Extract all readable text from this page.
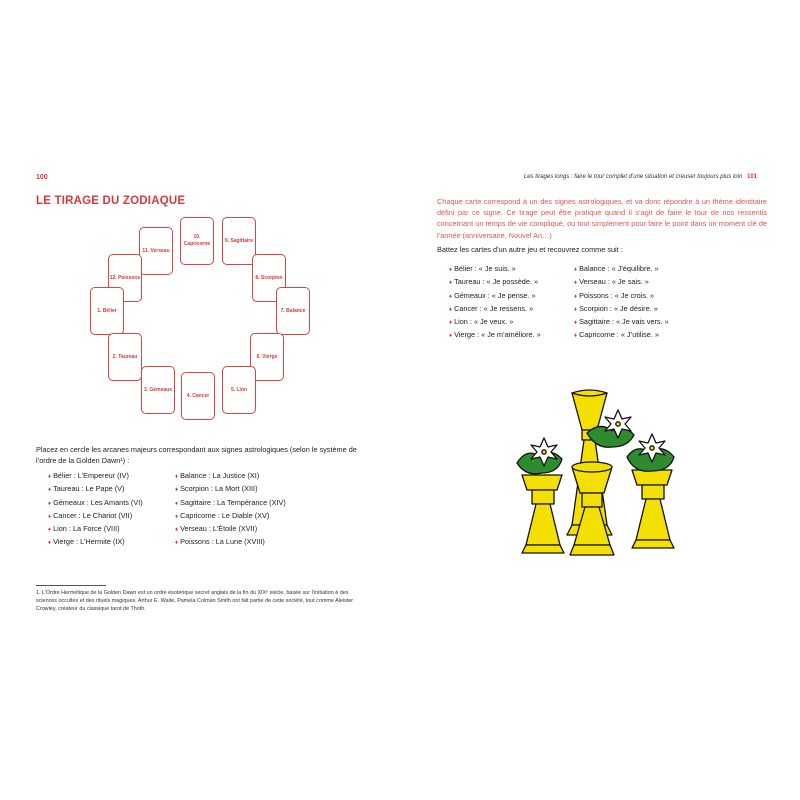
100
LE TIRAGE DU ZODIAQUE
10. Capricorne
11. Verseau
9. Sagittaire
12. Poissons	8. Scorpion
1. Bélier	7. Balance
2. Taureau	6. Vierge
3. Gémeaux	5. Lion
4. Cancer
Placez en cercle les arcanes majeurs correspondant aux signes astrologiques (selon le système de l’ordre de la Golden Dawn¹) :
♦ Bélier : L’Empereur (IV)
♦ Taureau : Le Pape (V)
♦ Gémeaux : Les Amants (VI)
♦ Cancer : Le Chariot (VII)
♦ Lion : La Force (VIII)
♦ Vierge : L’Hermite (IX)
♦ Balance : La Justice (XI)
♦ Scorpion : La Mort (XIII)
♦ Sagittaire : La Tempérance (XIV)
♦ Capricorne : Le Diable (XV)
♦ Verseau : L’Étoile (XVII)
♦ Poissons : La Lune (XVIII)
1. L’Ordre Hermétique de la Golden Dawn est un ordre ésotérique secret anglais de la fin du XIXᵉ siècle, basée sur l’initiation à des sciences occultes et des rituels magiques. Arthur E. Waite, Pamela Colman Smith ont fait partie de cette société, tout comme Aleister Crowley, créateur du classique tarot de Thoth.
Les tirages longs : faire le tour complet d’une situation et creuser toujours plus loin 101
Chaque carte correspond à un des signes astrologiques, et va donc répondre à un thème identitaire défini par ce signe. Ce tirage peut être pratiqué quand il s’agit de faire le tour de nos ressentis concernant un temps de vie compliqué, ou tout simplement pour faire le point dans un moment clé de l’année (anniversaire, Nouvel An…)
Battez les cartes d’un autre jeu et recouvrez comme suit :
♦ Bélier : « Je suis. »
♦ Taureau : « Je possède. »
♦ Gémeaux : « Je pense. »
♦ Cancer : « Je ressens. »
♦ Lion : « Je veux. »
♦ Vierge : « Je m’améliore. »
♦ Balance : « J’équilibre. »
♦ Verseau : « Je sais. »
♦ Poissons : « Je crois. »
♦ Scorpion : « Je désire. »
♦ Sagittaire : « Je vais vers. »
♦ Capricorne : « J’utilise. »
